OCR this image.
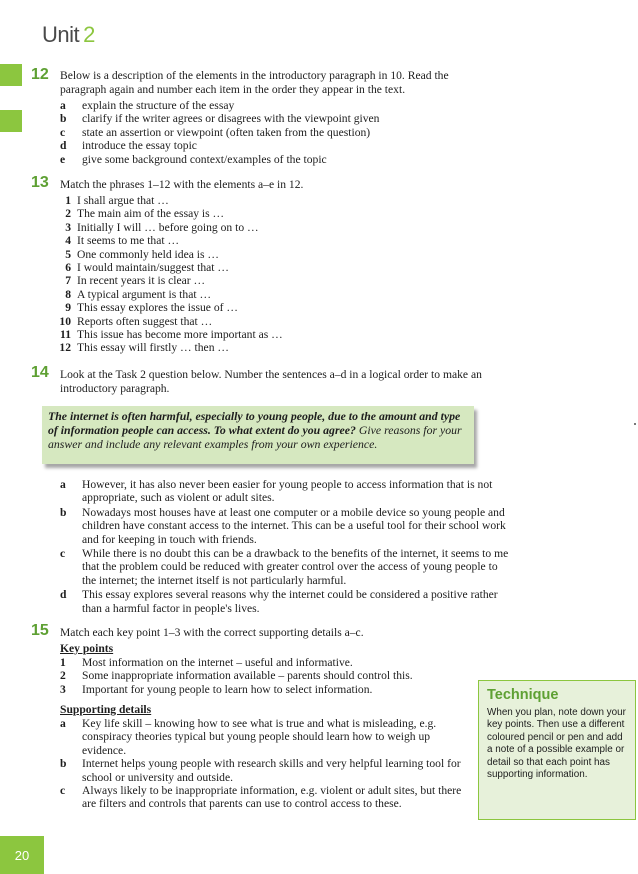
Unit 2
12 Below is a description of the elements in the introductory paragraph in 10. Read the paragraph again and number each item in the order they appear in the text.
a	explain the structure of the essay
b	clarify if the writer agrees or disagrees with the viewpoint given
c	state an assertion or viewpoint (often taken from the question)
d	introduce the essay topic
e	give some background context/examples of the topic
13 Match the phrases 1–12 with the elements a–e in 12.
1 I shall argue that …
2 The main aim of the essay is …
3 Initially I will … before going on to …
4 It seems to me that …
5 One commonly held idea is …
6 I would maintain/suggest that …
7 In recent years it is clear …
8 A typical argument is that …
9 This essay explores the issue of …
10 Reports often suggest that …
11 This issue has become more important as …
12 This essay will firstly … then …
14 Look at the Task 2 question below. Number the sentences a–d in a logical order to make an introductory paragraph.
The internet is often harmful, especially to young people, due to the amount and type of information people can access. To what extent do you agree? Give reasons for your answer and include any relevant examples from your own experience.
a	However, it has also never been easier for young people to access information that is not appropriate, such as violent or adult sites.
b	Nowadays most houses have at least one computer or a mobile device so young people and children have constant access to the internet. This can be a useful tool for their school work and for keeping in touch with friends.
c	While there is no doubt this can be a drawback to the benefits of the internet, it seems to me that the problem could be reduced with greater control over the access of young people to the internet; the internet itself is not particularly harmful.
d	This essay explores several reasons why the internet could be considered a positive rather than a harmful factor in people's lives.
15 Match each key point 1–3 with the correct supporting details a–c.
Key points
1	Most information on the internet – useful and informative.
2	Some inappropriate information available – parents should control this.
3	Important for young people to learn how to select information.
Supporting details
a	Key life skill – knowing how to see what is true and what is misleading, e.g. conspiracy theories typical but young people should learn how to weigh up evidence.
b	Internet helps young people with research skills and very helpful learning tool for school or university and outside.
c	Always likely to be inappropriate information, e.g. violent or adult sites, but there are filters and controls that parents can use to control access to these.
Technique
When you plan, note down your key points. Then use a different coloured pencil or pen and add a note of a possible example or detail so that each point has supporting information.
20
